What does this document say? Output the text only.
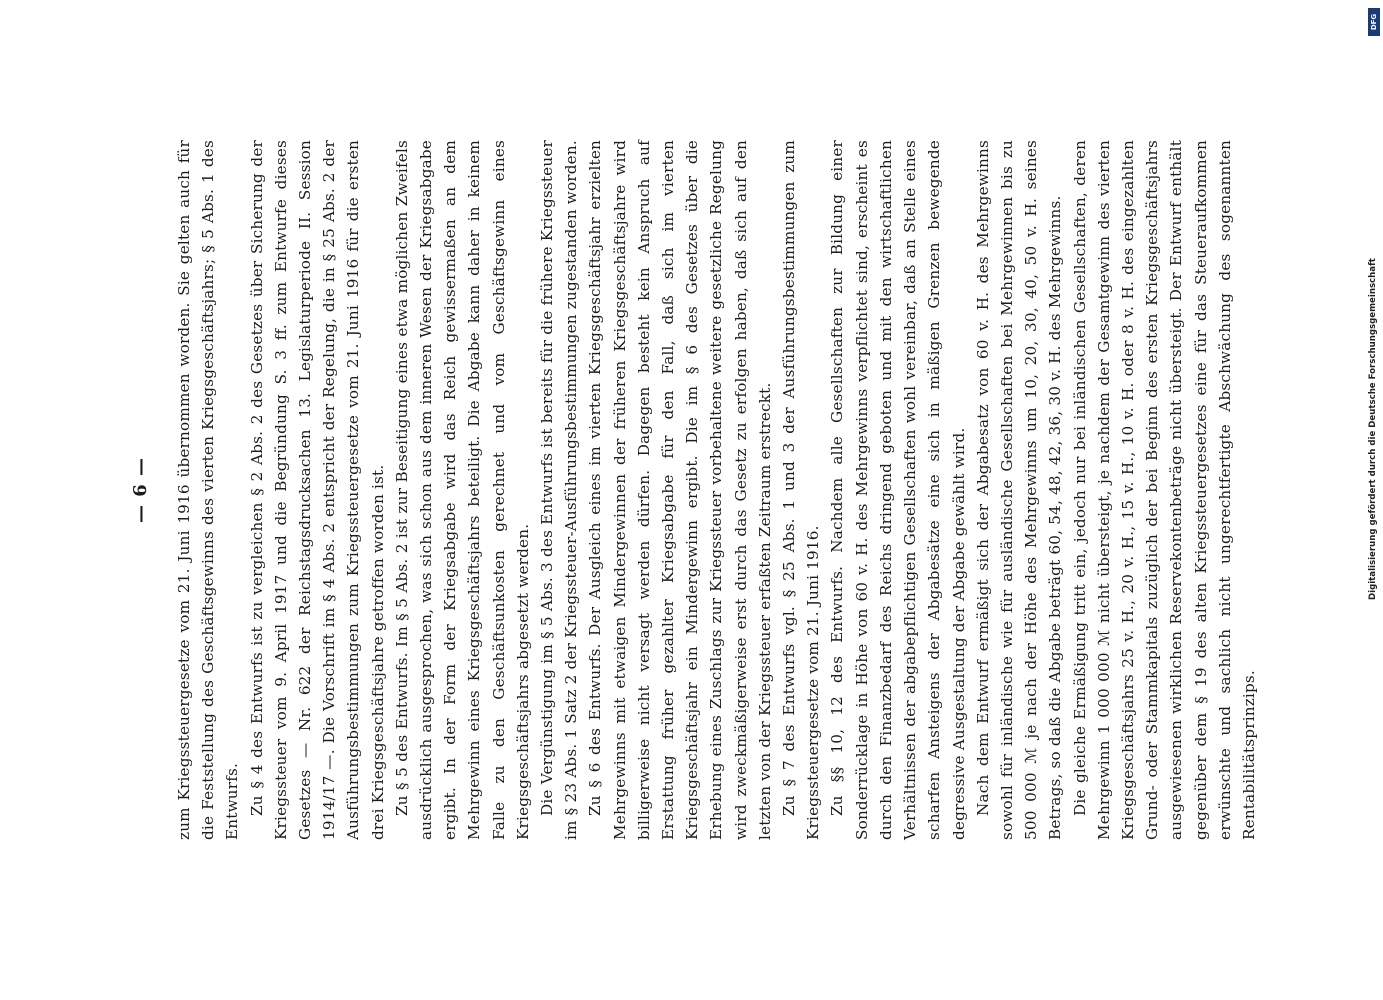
— 6 — zum Kriegssteuergesetze vom 21. Juni 1916 übernommen worden. Sie gelten auch für die Feststellung des Geschäftsgewinns des vierten Kriegsgeschäftsjahrs; § 5 Abs. 1 des Entwurfs. Zu § 4 des Entwurfs ist zu vergleichen § 2 Abs. 2 des Gesetzes über Sicherung der Kriegssteuer vom 9. April 1917 und die Begründung S. 3 ff. zum Entwurfe dieses Gesetzes — Nr. 622 der Reichstagsdrucksachen 13. Legislaturperiode II. Session 1914/17 —. Die Vorschrift im § 4 Abs. 2 entspricht der Regelung, die in § 25 Abs. 2 der Ausführungsbestimmungen zum Kriegssteuergesetze vom 21. Juni 1916 für die ersten drei Kriegsgeschäftsjahre getroffen worden ist. Zu § 5 des Entwurfs. Im § 5 Abs. 2 ist zur Beseitigung eines etwa möglichen Zweifels ausdrücklich ausgesprochen, was sich schon aus dem inneren Wesen der Kriegsabgabe ergibt. In der Form der Kriegsabgabe wird das Reich gewissermaßen an dem Mehrgewinn eines Kriegsgeschäftsjahrs beteiligt. Die Abgabe kann daher in keinem Falle zu den Geschäftsunkosten gerechnet und vom Geschäftsgewinn eines Kriegsgeschäftsjahrs abgesetzt werden. Die Vergünstigung im § 5 Abs. 3 des Entwurfs ist bereits für die frühere Kriegssteuer im § 23 Abs. 1 Satz 2 der Kriegssteuer-Ausführungsbestimmungen zugestanden worden. Zu § 6 des Entwurfs. Der Ausgleich eines im vierten Kriegsgeschäftsjahr erzielten Mehrgewinns mit etwaigen Mindergewinnen der früheren Kriegsgeschäftsjahre wird billigerweise nicht versagt werden dürfen. Dagegen besteht kein Anspruch auf Erstattung früher gezahlter Kriegsabgabe für den Fall, daß sich im vierten Kriegsgeschäftsjahr ein Mindergewinn ergibt. Die im § 6 des Gesetzes über die Erhebung eines Zuschlags zur Kriegssteuer vorbehaltene weitere gesetzliche Regelung wird zweckmäßigerweise erst durch das Gesetz zu erfolgen haben, daß sich auf den letzten von der Kriegssteuer erfaßten Zeitraum erstreckt. Zu § 7 des Entwurfs vgl. § 25 Abs. 1 und 3 der Ausführungsbestimmungen zum Kriegssteuergesetze vom 21. Juni 1916. Zu §§ 10, 12 des Entwurfs. Nachdem alle Gesellschaften zur Bildung einer Sonderrücklage in Höhe von 60 v. H. des Mehrgewinns verpflichtet sind, erscheint es durch den Finanzbedarf des Reichs dringend geboten und mit den wirtschaftlichen Verhältnissen der abgabepflichtigen Gesellschaften wohl vereinbar, daß an Stelle eines scharfen Ansteigens der Abgabesätze eine sich in mäßigen Grenzen bewegende degressive Ausgestaltung der Abgabe gewählt wird. Nach dem Entwurf ermäßigt sich der Abgabesatz von 60 v. H. des Mehrgewinns sowohl für inländische wie für ausländische Gesellschaften bei Mehrgewinnen bis zu 500 000 ℳ je nach der Höhe des Mehrgewinns um 10, 20, 30, 40, 50 v. H. seines Betrags, so daß die Abgabe beträgt 60, 54, 48, 42, 36, 30 v. H. des Mehrgewinns. Die gleiche Ermäßigung tritt ein, jedoch nur bei inländischen Gesellschaften, deren Mehrgewinn 1 000 000 ℳ nicht übersteigt, je nachdem der Gesamtgewinn des vierten Kriegsgeschäftsjahrs 25 v. H., 20 v. H., 15 v. H., 10 v. H. oder 8 v. H. des eingezahlten Grund- oder Stammkapitals zuzüglich der bei Beginn des ersten Kriegsgeschäftsjahrs ausgewiesenen wirklichen Reservekontenbeträge nicht übersteigt. Der Entwurf enthält gegenüber dem § 19 des alten Kriegssteuergesetzes eine für das Steueraufkommen erwünschte und sachlich nicht ungerechtfertigte Abschwächung des sogenannten Rentabilitätsprinzips.

DFG
Digitalisierung gefördert durch die Deutsche Forschungsgemeinschaft
